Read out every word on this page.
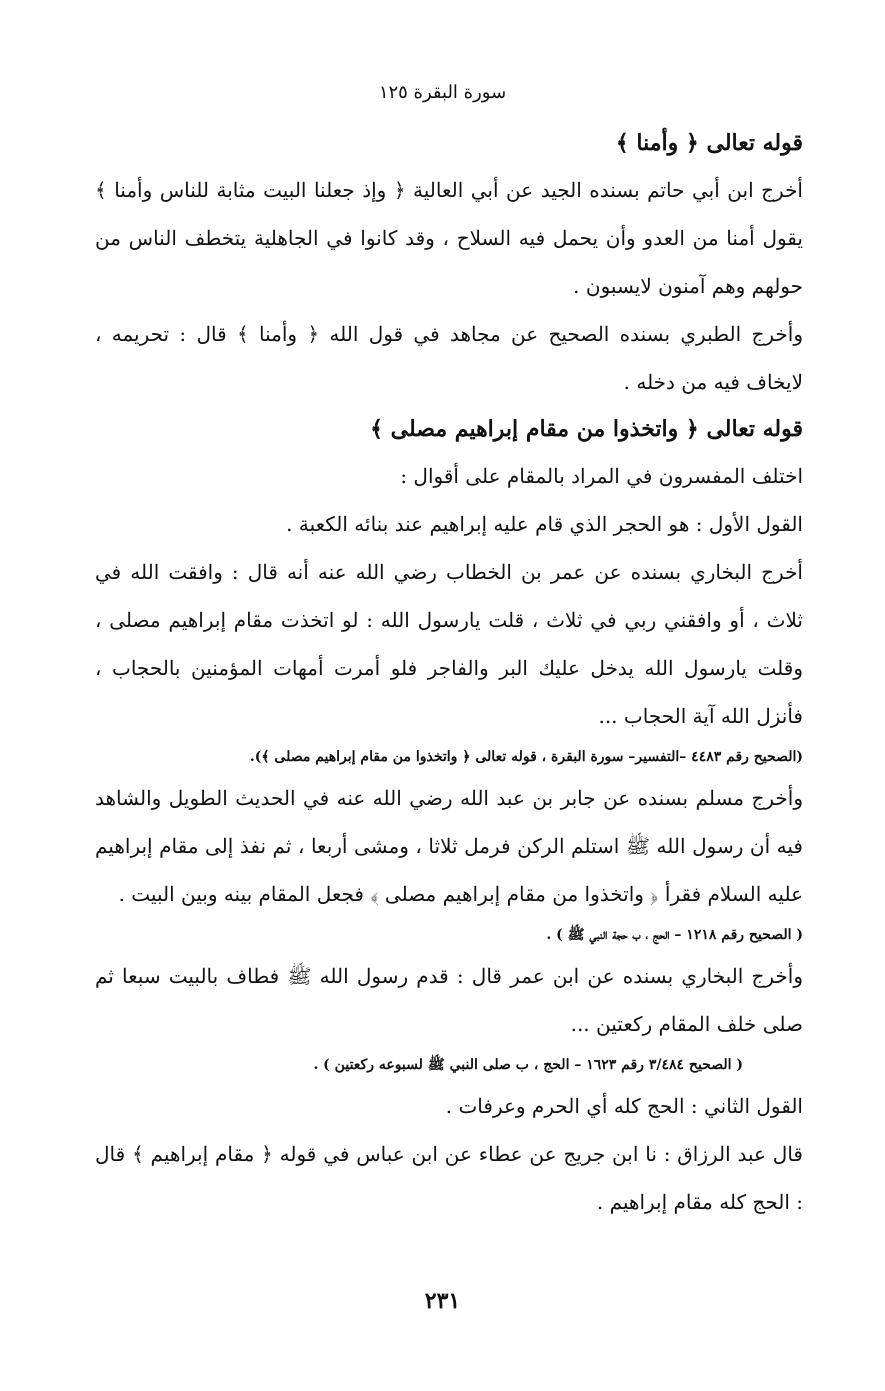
سورة البقرة ١٢٥

قوله تعالى ﴿ وأمنا ﴾

أخرج ابن أبي حاتم بسنده الجيد عن أبي العالية ﴿ وإذ جعلنا البيت مثابة للناس وأمنا ﴾ يقول أمنا من العدو وأن يحمل فيه السلاح ، وقد كانوا في الجاهلية يتخطف الناس من حولهم وهم آمنون لايسبون .

وأخرج الطبري بسنده الصحيح عن مجاهد في قول الله ﴿ وأمنا ﴾ قال : تحريمه ، لايخاف فيه من دخله .

قوله تعالى ﴿ واتخذوا من مقام إبراهيم مصلى ﴾

اختلف المفسرون في المراد بالمقام على أقوال :

القول الأول : هو الحجر الذي قام عليه إبراهيم عند بنائه الكعبة .

أخرج البخاري بسنده عن عمر بن الخطاب رضي الله عنه أنه قال : وافقت الله في ثلاث ، أو وافقني ربي في ثلاث ، قلت يارسول الله : لو اتخذت مقام إبراهيم مصلى ، وقلت يارسول الله يدخل عليك البر والفاجر فلو أمرت أمهات المؤمنين بالحجاب ، فأنزل الله آية الحجاب ...

(الصحيح رقم ٤٤٨٣ –التفسير– سورة البقرة ، قوله تعالى ﴿ واتخذوا من مقام إبراهيم مصلى ﴾).

وأخرج مسلم بسنده عن جابر بن عبد الله رضي الله عنه في الحديث الطويل والشاهد فيه أن رسول الله ﷺ استلم الركن فرمل ثلاثا ، ومشى أربعا ، ثم نفذ إلى مقام إبراهيم عليه السلام فقرأ ﴿ واتخذوا من مقام إبراهيم مصلى ﴾ فجعل المقام بينه وبين البيت .

( الصحيح رقم ١٢١٨ – الحج ، ب حجة النبي ﷺ ) .

وأخرج البخاري بسنده عن ابن عمر قال : قدم رسول الله ﷺ فطاف بالبيت سبعا ثم صلى خلف المقام ركعتين ...

( الصحيح ٣/٤٨٤ رقم ١٦٢٣ – الحج ، ب صلى النبي ﷺ لسبوعه ركعتين ) .

القول الثاني : الحج كله أي الحرم وعرفات .

قال عبد الرزاق : نا ابن جريج عن عطاء عن ابن عباس في قوله ﴿ مقام إبراهيم ﴾ قال : الحج كله مقام إبراهيم .

٢٣١
